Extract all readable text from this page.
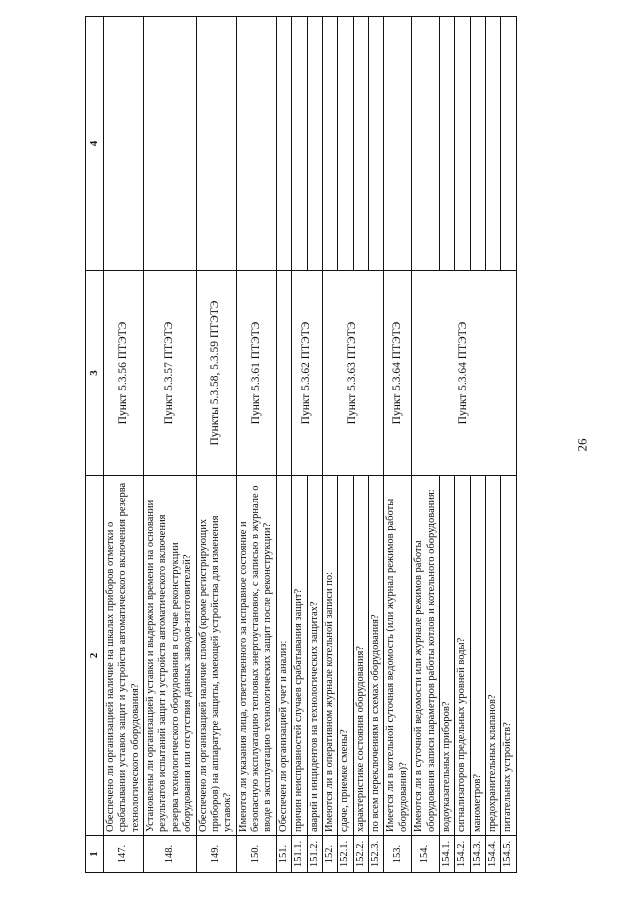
26
1	2	3	4
147.	Обеспечено ли организацией наличие на шкалах приборов отметки о срабатывании уставок защит и устройств автоматического включения резерва технологического оборудования?	Пункт 5.3.56 ПТЭТЭ	
148.	Установлены ли организацией уставки и выдержки времени на основании результатов испытаний защит и устройств автоматического включения резерва технологического оборудования в случае реконструкции оборудования или отсутствия данных заводов-изготовителей?	Пункт 5.3.57 ПТЭТЭ	
149.	Обеспечено ли организацией наличие пломб (кроме регистрирующих приборов) на аппаратуре защиты, имеющей устройства для изменения уставок?	Пункты 5.3.58, 5.3.59 ПТЭТЭ	
150.	Имеются ли указания лица, ответственного за исправное состояние и безопасную эксплуатацию тепловых энергоустановок, с записью в журнале о вводе в эксплуатацию технологических защит после реконструкции?	Пункт 5.3.61 ПТЭТЭ	
151.	Обеспечен ли организацией учет и анализ:		
151.1.	причин неисправностей случаев срабатывания защит?	Пункт 5.3.62 ПТЭТЭ	
151.2.	аварий и инцидентов на технологических защитах?		
152.	Имеются ли в оперативном журнале котельной записи по:	Пункт 5.3.63 ПТЭТЭ	
152.1.	сдаче, приемке смены?		
152.2.	характеристике состояния оборудования?		
152.3.	по всем переключениям в схемах оборудования?		
153.	Имеется ли в котельной суточная ведомость (или журнал режимов работы оборудования)?	Пункт 5.3.64 ПТЭТЭ	
154.	Имеются ли в суточной ведомости или журнале режимов работы оборудования записи параметров работы котлов и котельного оборудования:	Пункт 5.3.64 ПТЭТЭ	
154.1.	водоуказательных приборов?		
154.2.	сигнализаторов предельных уровней воды?		
154.3.	манометров?		
154.4.	предохранительных клапанов?		
154.5.	питательных устройств?		
